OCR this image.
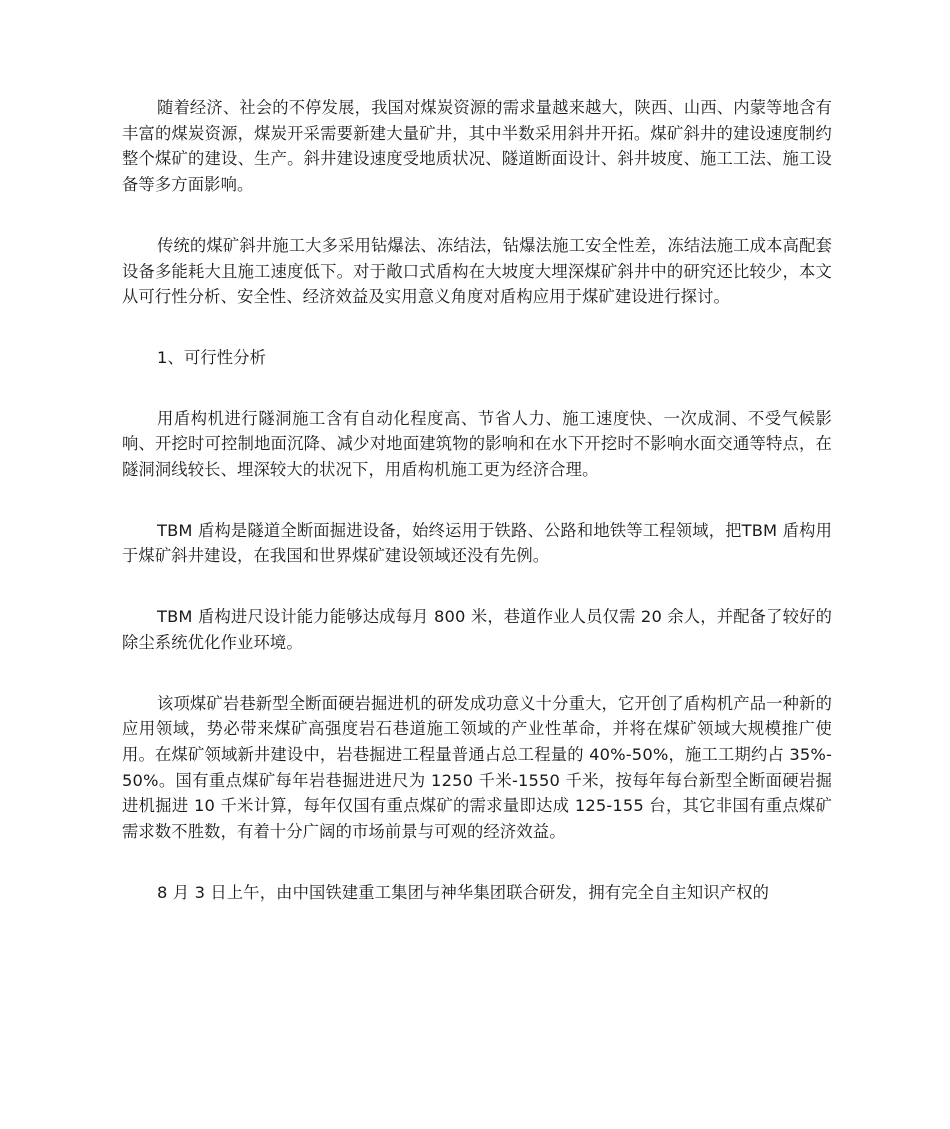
随着经济、社会的不停发展，我国对煤炭资源的需求量越来越大，陕西、山西、内蒙等地含有丰富的煤炭资源，煤炭开采需要新建大量矿井，其中半数采用斜井开拓。煤矿斜井的建设速度制约整个煤矿的建设、生产。斜井建设速度受地质状况、隧道断面设计、斜井坡度、施工工法、施工设备等多方面影响。

传统的煤矿斜井施工大多采用钻爆法、冻结法，钻爆法施工安全性差，冻结法施工成本高配套设备多能耗大且施工速度低下。对于敞口式盾构在大坡度大埋深煤矿斜井中的研究还比较少，本文从可行性分析、安全性、经济效益及实用意义角度对盾构应用于煤矿建设进行探讨。

1、可行性分析

用盾构机进行隧洞施工含有自动化程度高、节省人力、施工速度快、一次成洞、不受气候影响、开挖时可控制地面沉降、减少对地面建筑物的影响和在水下开挖时不影响水面交通等特点，在隧洞洞线较长、埋深较大的状况下，用盾构机施工更为经济合理。

TBM 盾构是隧道全断面掘进设备，始终运用于铁路、公路和地铁等工程领域，把TBM 盾构用于煤矿斜井建设，在我国和世界煤矿建设领域还没有先例。

TBM 盾构进尺设计能力能够达成每月 800 米，巷道作业人员仅需 20 余人，并配备了较好的除尘系统优化作业环境。

该项煤矿岩巷新型全断面硬岩掘进机的研发成功意义十分重大，它开创了盾构机产品一种新的应用领域，势必带来煤矿高强度岩石巷道施工领域的产业性革命，并将在煤矿领域大规模推广使用。在煤矿领域新井建设中，岩巷掘进工程量普通占总工程量的 40%-50%，施工工期约占 35%-50%。国有重点煤矿每年岩巷掘进进尺为 1250 千米-1550 千米，按每年每台新型全断面硬岩掘进机掘进 10 千米计算，每年仅国有重点煤矿的需求量即达成 125-155 台，其它非国有重点煤矿需求数不胜数，有着十分广阔的市场前景与可观的经济效益。

8 月 3 日上午，由中国铁建重工集团与神华集团联合研发，拥有完全自主知识产权的
